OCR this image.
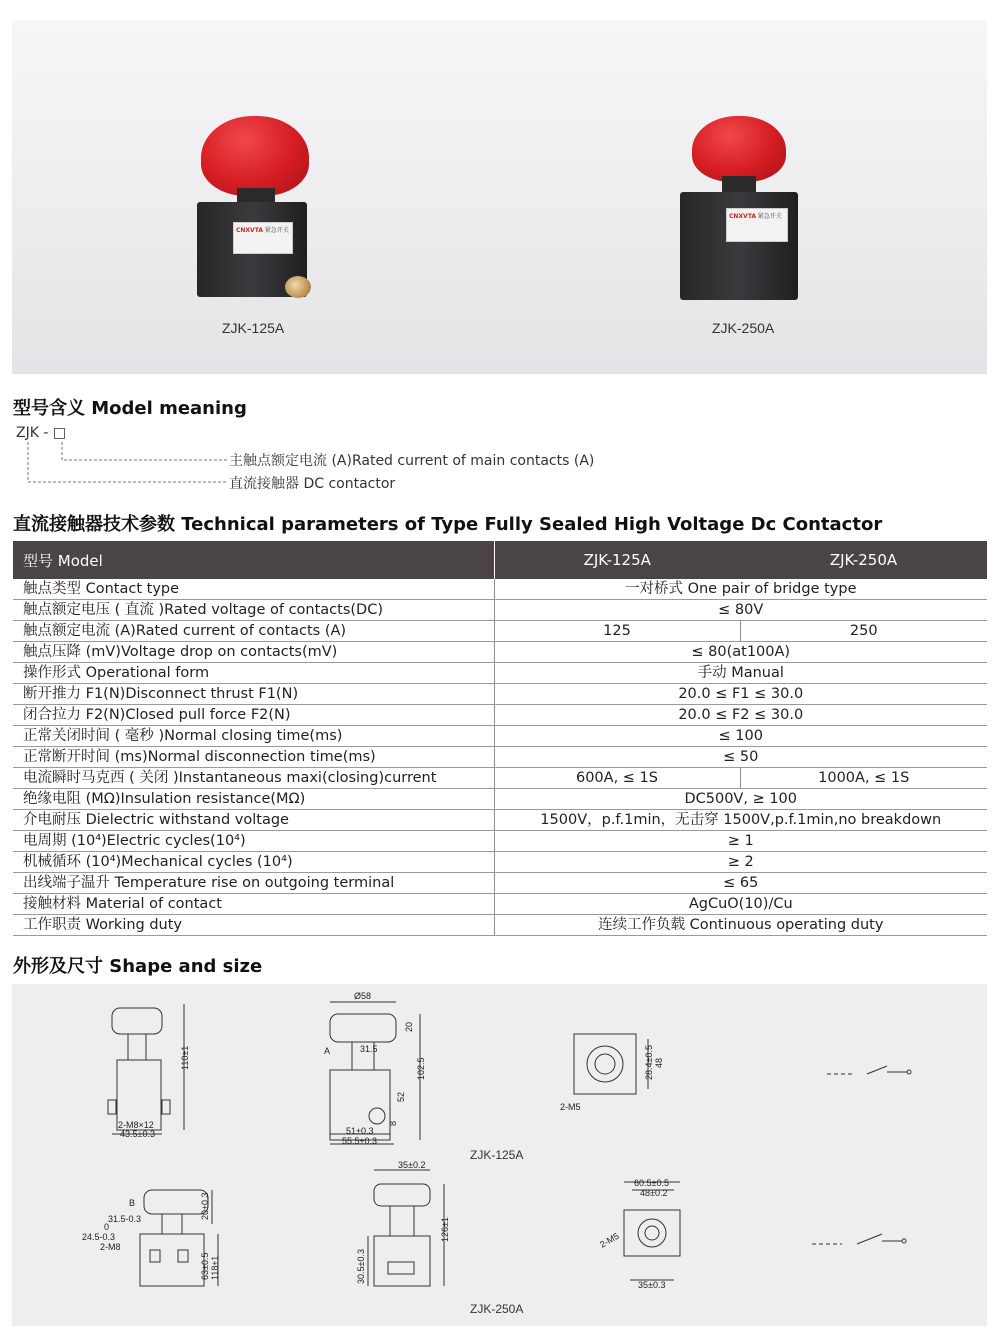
CNXVTA 紧急开关
ZJK-125A
CNXVTA 紧急开关
ZJK-250A
型号含义 Model meaning
ZJK - □
主触点额定电流 (A)Rated current of main contacts (A)
直流接触器 DC contactor
直流接触器技术参数 Technical parameters of Type Fully Sealed High Voltage Dc Contactor
型号 Model	ZJK-125A	ZJK-250A
触点类型 Contact type	一对桥式 One pair of bridge type	
触点额定电压 ( 直流 )Rated voltage of contacts(DC)	≤ 80V	
触点额定电流 (A)Rated current of contacts (A)	125	250
触点压降 (mV)Voltage drop on contacts(mV)	≤ 80(at100A)	
操作形式 Operational form	手动 Manual	
断开推力 F1(N)Disconnect thrust F1(N)	20.0 ≤ F1 ≤ 30.0	
闭合拉力 F2(N)Closed pull force F2(N)	20.0 ≤ F2 ≤ 30.0	
正常关闭时间 ( 毫秒 )Normal closing time(ms)	≤ 100	
正常断开时间 (ms)Normal disconnection time(ms)	≤ 50	
电流瞬时马克西 ( 关闭 )Instantaneous maxi(closing)current	600A, ≤ 1S	1000A, ≤ 1S
绝缘电阻 (MΩ)Insulation resistance(MΩ)	DC500V, ≥ 100	
介电耐压 Dielectric withstand voltage	1500V，p.f.1min，无击穿 1500V,p.f.1min,no breakdown	
电周期 (10⁴)Electric cycles(10⁴)	≥ 1	
机械循环 (10⁴)Mechanical cycles (10⁴)	≥ 2	
出线端子温升 Temperature rise on outgoing terminal	≤ 65	
接触材料 Material of contact	AgCuO(10)/Cu	
工作职责 Working duty	连续工作负载 Continuous operating duty	
外形及尺寸 Shape and size
110±1
2-M8×12
43.5±0.3
Ø58
20
31.5
A
102.5
52
8
51±0.3
55.5±0.3
28.4±0.5 48
2-M5
B
31.5-0.3
0
24.5-0.3
2-M8
20±0.3
63±0.5 118±1
35±0.2
126±1
30.5±0.3
60.5±0.5
48±0.2
2-M5
35±0.3
ZJK-125A
ZJK-250A
